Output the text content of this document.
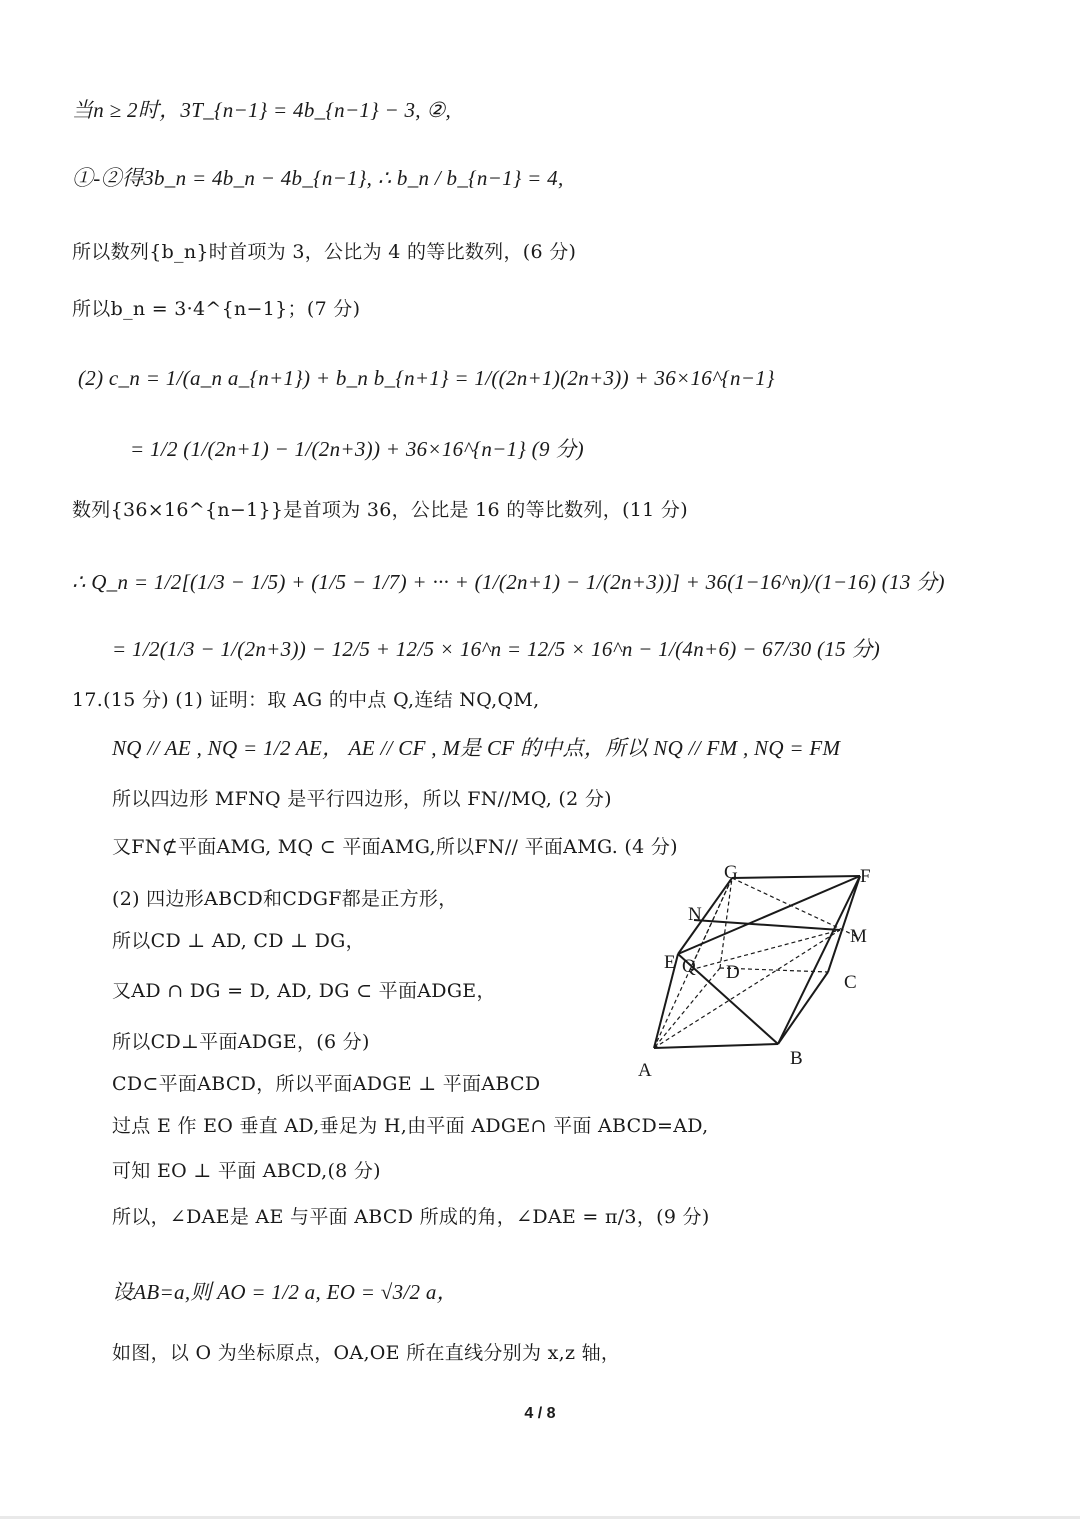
当n ≥ 2时，3T_{n−1} = 4b_{n−1} − 3, ②,
①-②得3b_n = 4b_n − 4b_{n−1}, ∴ b_n / b_{n−1} = 4,
所以数列{b_n}时首项为 3，公比为 4 的等比数列，(6 分)
所以b_n = 3·4^{n−1}；(7 分)
(2) c_n = 1/(a_n a_{n+1}) + b_n b_{n+1} = 1/((2n+1)(2n+3)) + 36×16^{n−1}
= 1/2 (1/(2n+1) − 1/(2n+3)) + 36×16^{n−1} (9 分)
数列{36×16^{n−1}}是首项为 36，公比是 16 的等比数列，(11 分)
∴ Q_n = 1/2[(1/3 − 1/5) + (1/5 − 1/7) + ··· + (1/(2n+1) − 1/(2n+3))] + 36(1−16^n)/(1−16) (13 分)
= 1/2(1/3 − 1/(2n+3)) − 12/5 + 12/5 × 16^n = 12/5 × 16^n − 1/(4n+6) − 67/30 (15 分)
17.(15 分) (1) 证明：取 AG 的中点 Q,连结 NQ,QM,
NQ // AE , NQ = 1/2 AE， AE // CF , M是 CF 的中点，所以 NQ // FM , NQ = FM
所以四边形 MFNQ 是平行四边形，所以 FN//MQ, (2 分)
又FN⊄平面AMG, MQ ⊂ 平面AMG,所以FN// 平面AMG. (4 分)
(2) 四边形ABCD和CDGF都是正方形，
所以CD ⊥ AD, CD ⊥ DG，
又AD ∩ DG = D, AD, DG ⊂ 平面ADGE，
所以CD⊥平面ADGE，(6 分)
CD⊂平面ABCD，所以平面ADGE ⊥ 平面ABCD
过点 E 作 EO 垂直 AD,垂足为 H,由平面 ADGE∩ 平面 ABCD=AD,
可知 EO ⊥ 平面 ABCD,(8 分)
所以，∠DAE是 AE 与平面 ABCD 所成的角，∠DAE = π/3，(9 分)
设AB=a,则 AO = 1/2 a, EO = √3/2 a，
如图，以 O 为坐标原点，OA,OE 所在直线分别为 x,z 轴，
G	F
N
M
E Q D	C
A
B
4 / 8
